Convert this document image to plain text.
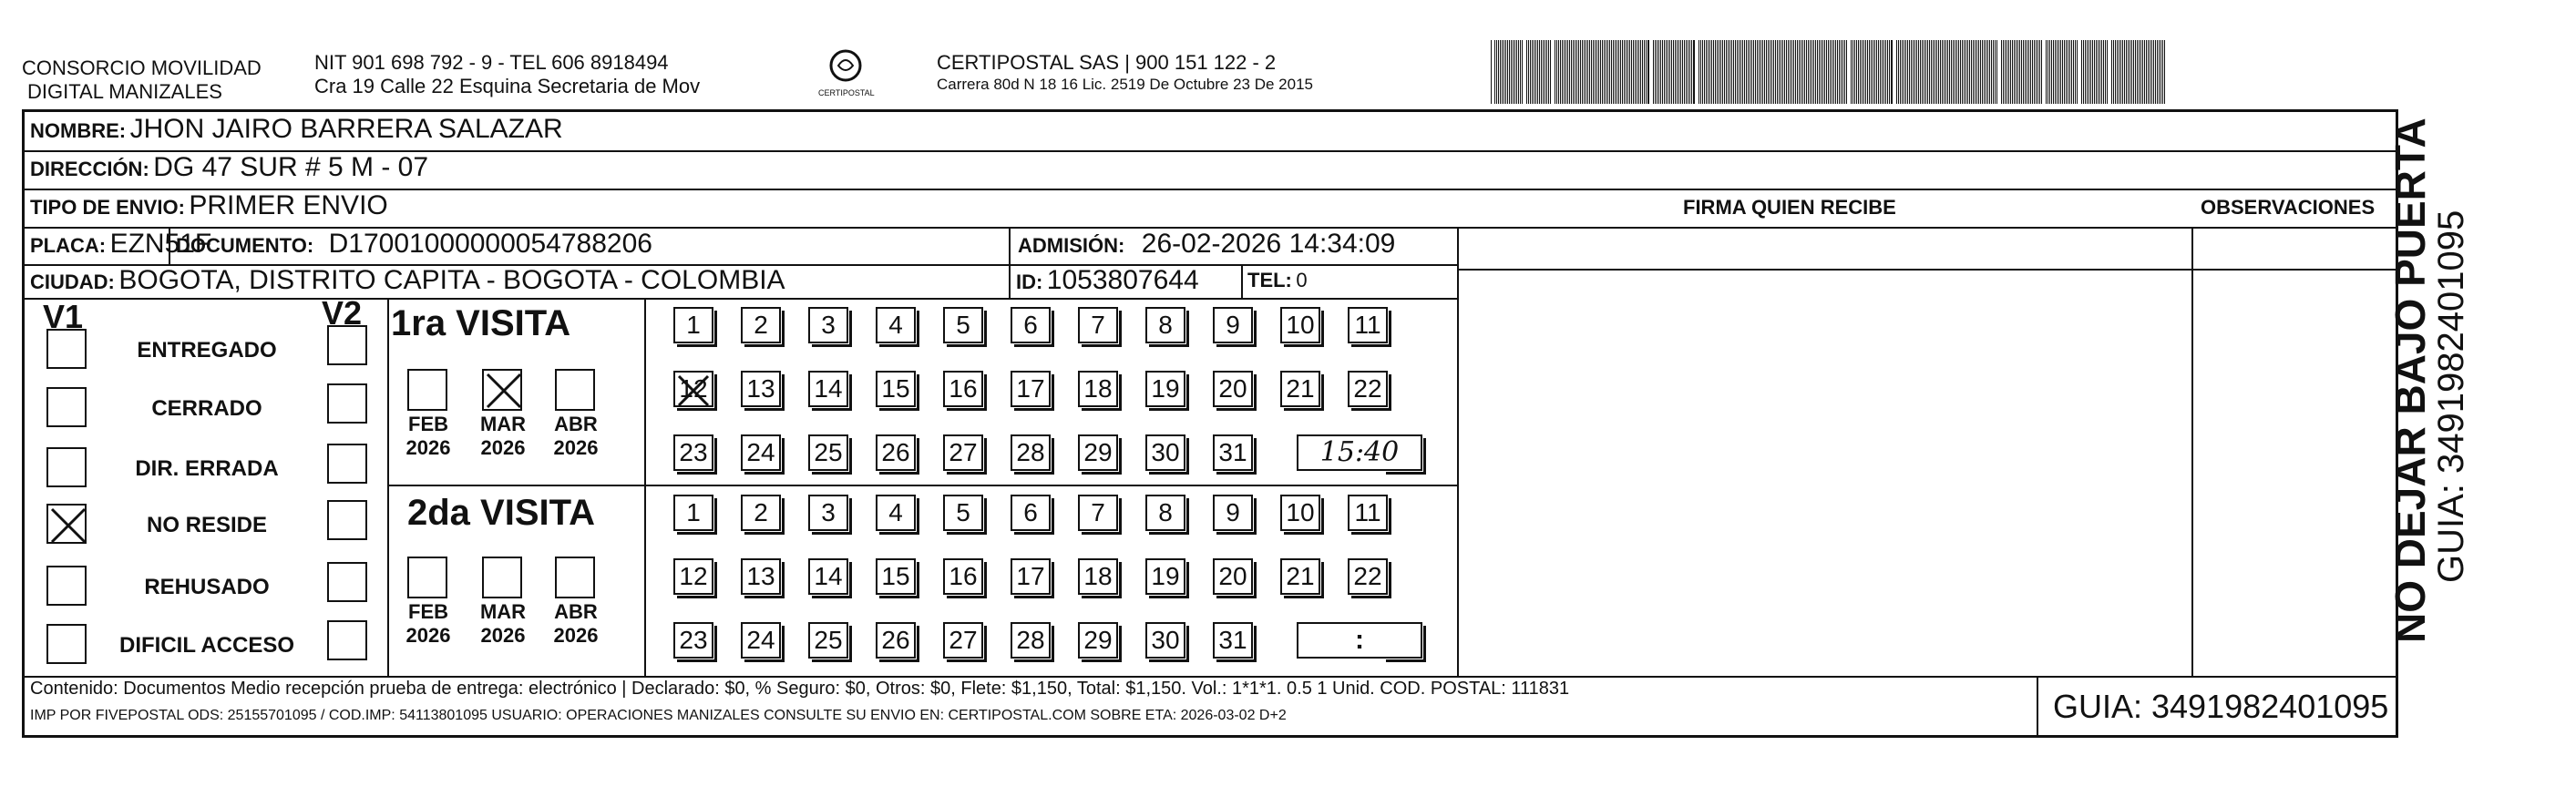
CONSORCIO MOVILIDAD
DIGITAL MANIZALES
NIT 901 698 792 - 9 - TEL 606 8918494
Cra 19 Calle 22 Esquina Secretaria de Mov	CERTIPOSTAL
CERTIPOSTAL SAS | 900 151 122 - 2
Carrera 80d N 18 16 Lic. 2519 De Octubre 23 De 2015
NO DEJAR BAJO PUERTA
GUIA: 3491982401095
NOMBRE: JHON JAIRO BARRERA SALAZAR
DIRECCIÓN: DG 47 SUR # 5 M - 07
TIPO DE ENVIO: PRIMER ENVIO	FIRMA QUIEN RECIBE	OBSERVACIONES
PLACA: EZN51F
DOCUMENTO: D17001000000054788206	ADMISIÓN: 26-02-2026 14:34:09
CIUDAD: BOGOTA, DISTRITO CAPITA - BOGOTA - COLOMBIA	ID: 1053807644 TEL: 0
V1	V2
ENTREGADO
CERRADO
DIR. ERRADA
NO RESIDE
REHUSADO
DIFICIL ACCESO
1ra VISITA
2da VISITA
FEB
2026
MAR
2026
ABR
2026
1	2	3	4	5	6	7	8	9	10 11
12 13 14 15 16 17 18 19 20 21 22
23 24 25 26 27 28 29 30 31	15:40
FEB
2026
MAR
2026
ABR
2026
1	2	3	4	5	6	7	8	9	10 11
12 13 14 15 16 17 18 19 20 21 22
23 24 25 26 27 28 29 30 31	:
Contenido: Documentos Medio recepción prueba de entrega: electrónico | Declarado: $0, % Seguro: $0, Otros: $0, Flete: $1,150, Total: $1,150. Vol.: 1*1*1. 0.5 1 Unid. COD. POSTAL: 111831
IMP POR FIVEPOSTAL ODS: 25155701095 / COD.IMP: 54113801095 USUARIO: OPERACIONES MANIZALES CONSULTE SU ENVIO EN: CERTIPOSTAL.COM SOBRE ETA: 2026-03-02 D+2	GUIA: 3491982401095
